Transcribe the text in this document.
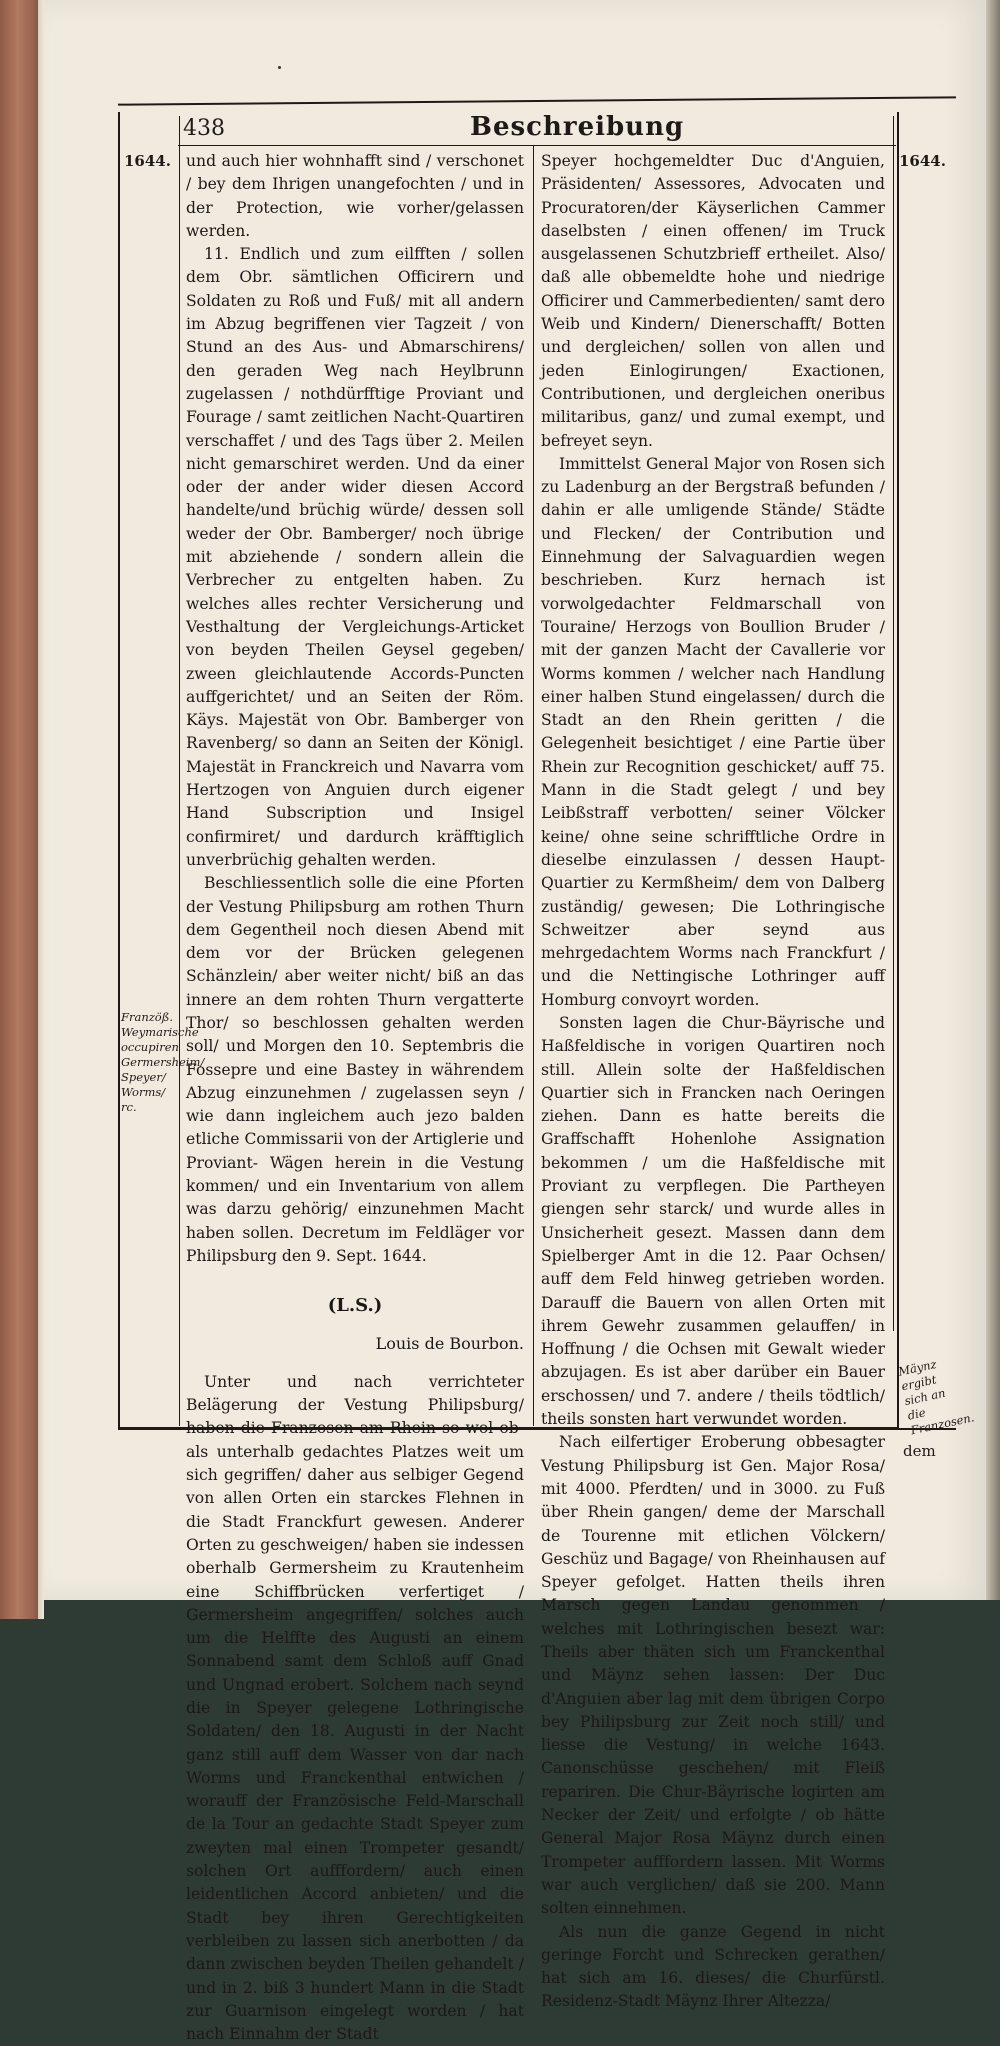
438	Beschreibung
1644.	1644.

und auch hier wohnhafft sind / verschonet / bey dem Ihrigen unangefochten / und in der Protection, wie vorher/gelassen werden.

11. Endlich und zum eilfften / sollen dem Obr. sämtlichen Officirern und Soldaten zu Roß und Fuß/ mit all andern im Abzug begriffenen vier Tagzeit / von Stund an des Aus- und Abmarschirens/ den geraden Weg nach Heylbrunn zugelassen / nothdürfftige Proviant und Fourage / samt zeitlichen Nacht-Quartiren verschaffet / und des Tags über 2. Meilen nicht gemarschiret werden. Und da einer oder der ander wider diesen Accord handelte/und brüchig würde/ dessen soll weder der Obr. Bamberger/ noch übrige mit abziehende / sondern allein die Verbrecher zu entgelten haben. Zu welches alles rechter Versicherung und Vesthaltung der Vergleichungs-Articket von beyden Theilen Geysel gegeben/ zween gleichlautende Accords-Puncten auffgerichtet/ und an Seiten der Röm. Käys. Majestät von Obr. Bamberger von Ravenberg/ so dann an Seiten der Königl. Majestät in Franckreich und Navarra vom Hertzogen von Anguien durch eigener Hand Subscription und Insigel confirmiret/ und dardurch kräfftiglich unverbrüchig gehalten werden.

Beschliessentlich solle die eine Pforten der Vestung Philipsburg am rothen Thurn dem Gegentheil noch diesen Abend mit dem vor der Brücken gelegenen Schänzlein/ aber weiter nicht/ biß an das innere an dem rohten Thurn vergatterte Thor/ so beschlossen gehalten werden soll/ und Morgen den 10. Septembris die Fossepre und eine Bastey in währendem Abzug einzunehmen / zugelassen seyn / wie dann ingleichem auch jezo balden etliche Commissarii von der Artiglerie und Proviant- Wägen herein in die Vestung kommen/ und ein Inventarium von allem was darzu gehörig/ einzunehmen Macht haben sollen. Decretum im Feldläger vor Philipsburg den 9. Sept. 1644.

(L.S.)

Louis de Bourbon.

Unter und nach verrichteter Belägerung der Vestung Philipsburg/ haben die Franzosen am Rhein so wol ob- als unterhalb gedachtes Platzes weit um sich gegriffen/ daher aus selbiger Gegend von allen Orten ein starckes Flehnen in die Stadt Franckfurt gewesen. Anderer Orten zu geschweigen/ haben sie indessen oberhalb Germersheim zu Krautenheim eine Schiffbrücken verfertiget / Germersheim angegriffen/ solches auch um die Helffte des Augusti an einem Sonnabend samt dem Schloß auff Gnad und Ungnad erobert. Solchem nach seynd die in Speyer gelegene Lothringische Soldaten/ den 18. Augusti in der Nacht ganz still auff dem Wasser von dar nach Worms und Franckenthal entwichen / worauff der Französische Feld-Marschall de la Tour an gedachte Stadt Speyer zum zweyten mal einen Trompeter gesandt/ solchen Ort aufffordern/ auch einen leidentlichen Accord anbieten/ und die Stadt bey ihren Gerechtigkeiten verbleiben zu lassen sich anerbotten / da dann zwischen beyden Theilen gehandelt / und in 2. biß 3 hundert Mann in die Stadt zur Guarnison eingelegt worden / hat nach Einnahm der Stadt

Speyer hochgemeldter Duc d'Anguien, Präsidenten/ Assessores, Advocaten und Procuratoren/der Käyserlichen Cammer daselbsten / einen offenen/ im Truck ausgelassenen Schutzbrieff ertheilet. Also/ daß alle obbemeldte hohe und niedrige Officirer und Cammerbedienten/ samt dero Weib und Kindern/ Dienerschafft/ Botten und dergleichen/ sollen von allen und jeden Einlogirungen/ Exactionen, Contributionen, und dergleichen oneribus militaribus, ganz/ und zumal exempt, und befreyet seyn.

Immittelst General Major von Rosen sich zu Ladenburg an der Bergstraß befunden / dahin er alle umligende Stände/ Städte und Flecken/ der Contribution und Einnehmung der Salvaguardien wegen beschrieben. Kurz hernach ist vorwolgedachter Feldmarschall von Touraine/ Herzogs von Boullion Bruder / mit der ganzen Macht der Cavallerie vor Worms kommen / welcher nach Handlung einer halben Stund eingelassen/ durch die Stadt an den Rhein geritten / die Gelegenheit besichtiget / eine Partie über Rhein zur Recognition geschicket/ auff 75. Mann in die Stadt gelegt / und bey Leibßstraff verbotten/ seiner Völcker keine/ ohne seine schrifftliche Ordre in dieselbe einzulassen / dessen Haupt-Quartier zu Kermßheim/ dem von Dalberg zuständig/ gewesen; Die Lothringische Schweitzer aber seynd aus mehrgedachtem Worms nach Franckfurt / und die Nettingische Lothringer auff Homburg convoyrt worden.

Sonsten lagen die Chur-Bäyrische und Haßfeldische in vorigen Quartiren noch still. Allein solte der Haßfeldischen Quartier sich in Francken nach Oeringen ziehen. Dann es hatte bereits die Graffschafft Hohenlohe Assignation bekommen / um die Haßfeldische mit Proviant zu verpflegen. Die Partheyen giengen sehr starck/ und wurde alles in Unsicherheit gesezt. Massen dann dem Spielberger Amt in die 12. Paar Ochsen/ auff dem Feld hinweg getrieben worden. Darauff die Bauern von allen Orten mit ihrem Gewehr zusammen gelauffen/ in Hoffnung / die Ochsen mit Gewalt wieder abzujagen. Es ist aber darüber ein Bauer erschossen/ und 7. andere / theils tödtlich/ theils sonsten hart verwundet worden.

Nach eilfertiger Eroberung obbesagter Vestung Philipsburg ist Gen. Major Rosa/ mit 4000. Pferdten/ und in 3000. zu Fuß über Rhein gangen/ deme der Marschall de Tourenne mit etlichen Völckern/ Geschüz und Bagage/ von Rheinhausen auf Speyer gefolget. Hatten theils ihren Marsch gegen Landau genommen / welches mit Lothringischen besezt war: Theils aber thäten sich um Franckenthal und Mäynz sehen lassen: Der Duc d'Anguien aber lag mit dem übrigen Corpo bey Philipsburg zur Zeit noch still/ und liesse die Vestung/ in welche 1643. Canonschüsse geschehen/ mit Fleiß repariren. Die Chur-Bäyrische logirten am Necker der Zeit/ und erfolgte / ob hätte General Major Rosa Mäynz durch einen Trompeter aufffordern lassen. Mit Worms war auch verglichen/ daß sie 200. Mann solten einnehmen.

Als nun die ganze Gegend in nicht geringe Forcht und Schrecken gerathen/ hat sich am 16. dieses/ die Churfürstl. Residenz-Stadt Mäynz Ihrer Altezza/

Franzöß. Weymarische occupiren Germersheim/ Speyer/ Worms/ rc.
Mäynz ergibt sich an die Franzosen.
dem
